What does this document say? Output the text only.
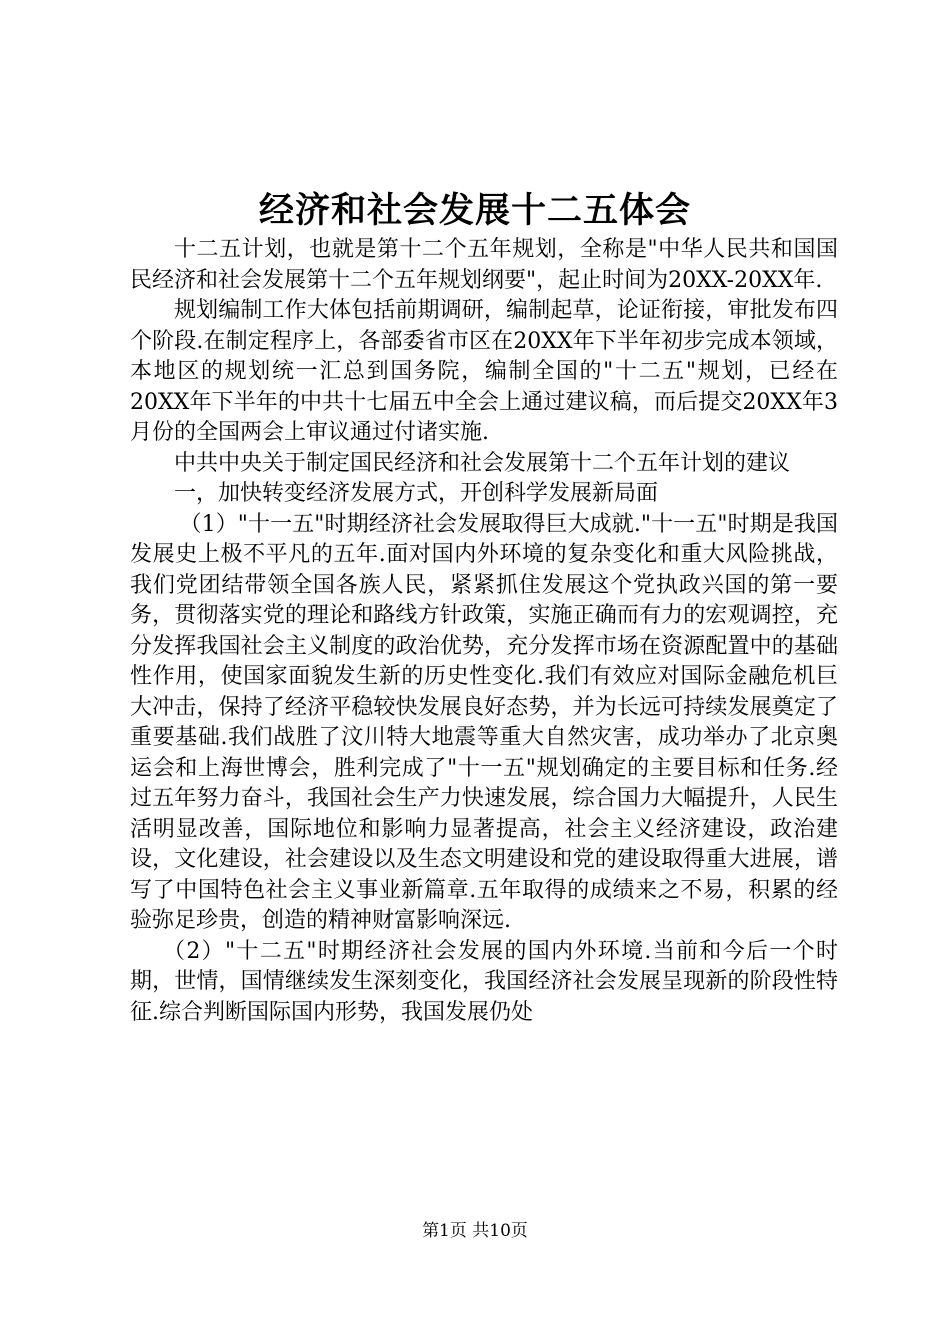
经济和社会发展十二五体会

十二五计划，也就是第十二个五年规划，全称是"中华人民共和国国民经济和社会发展第十二个五年规划纲要"，起止时间为20XX-20XX年.

规划编制工作大体包括前期调研，编制起草，论证衔接，审批发布四个阶段.在制定程序上，各部委省市区在20XX年下半年初步完成本领域，本地区的规划统一汇总到国务院，编制全国的"十二五"规划，已经在20XX年下半年的中共十七届五中全会上通过建议稿，而后提交20XX年3月份的全国两会上审议通过付诸实施.

中共中央关于制定国民经济和社会发展第十二个五年计划的建议

一，加快转变经济发展方式，开创科学发展新局面

（1）"十一五"时期经济社会发展取得巨大成就."十一五"时期是我国发展史上极不平凡的五年.面对国内外环境的复杂变化和重大风险挑战，我们党团结带领全国各族人民，紧紧抓住发展这个党执政兴国的第一要务，贯彻落实党的理论和路线方针政策，实施正确而有力的宏观调控，充分发挥我国社会主义制度的政治优势，充分发挥市场在资源配置中的基础性作用，使国家面貌发生新的历史性变化.我们有效应对国际金融危机巨大冲击，保持了经济平稳较快发展良好态势，并为长远可持续发展奠定了重要基础.我们战胜了汶川特大地震等重大自然灾害，成功举办了北京奥运会和上海世博会，胜利完成了"十一五"规划确定的主要目标和任务.经过五年努力奋斗，我国社会生产力快速发展，综合国力大幅提升，人民生活明显改善，国际地位和影响力显著提高，社会主义经济建设，政治建设，文化建设，社会建设以及生态文明建设和党的建设取得重大进展，谱写了中国特色社会主义事业新篇章.五年取得的成绩来之不易，积累的经验弥足珍贵，创造的精神财富影响深远.

（2）"十二五"时期经济社会发展的国内外环境.当前和今后一个时期，世情，国情继续发生深刻变化，我国经济社会发展呈现新的阶段性特征.综合判断国际国内形势，我国发展仍处

第1页 共10页
